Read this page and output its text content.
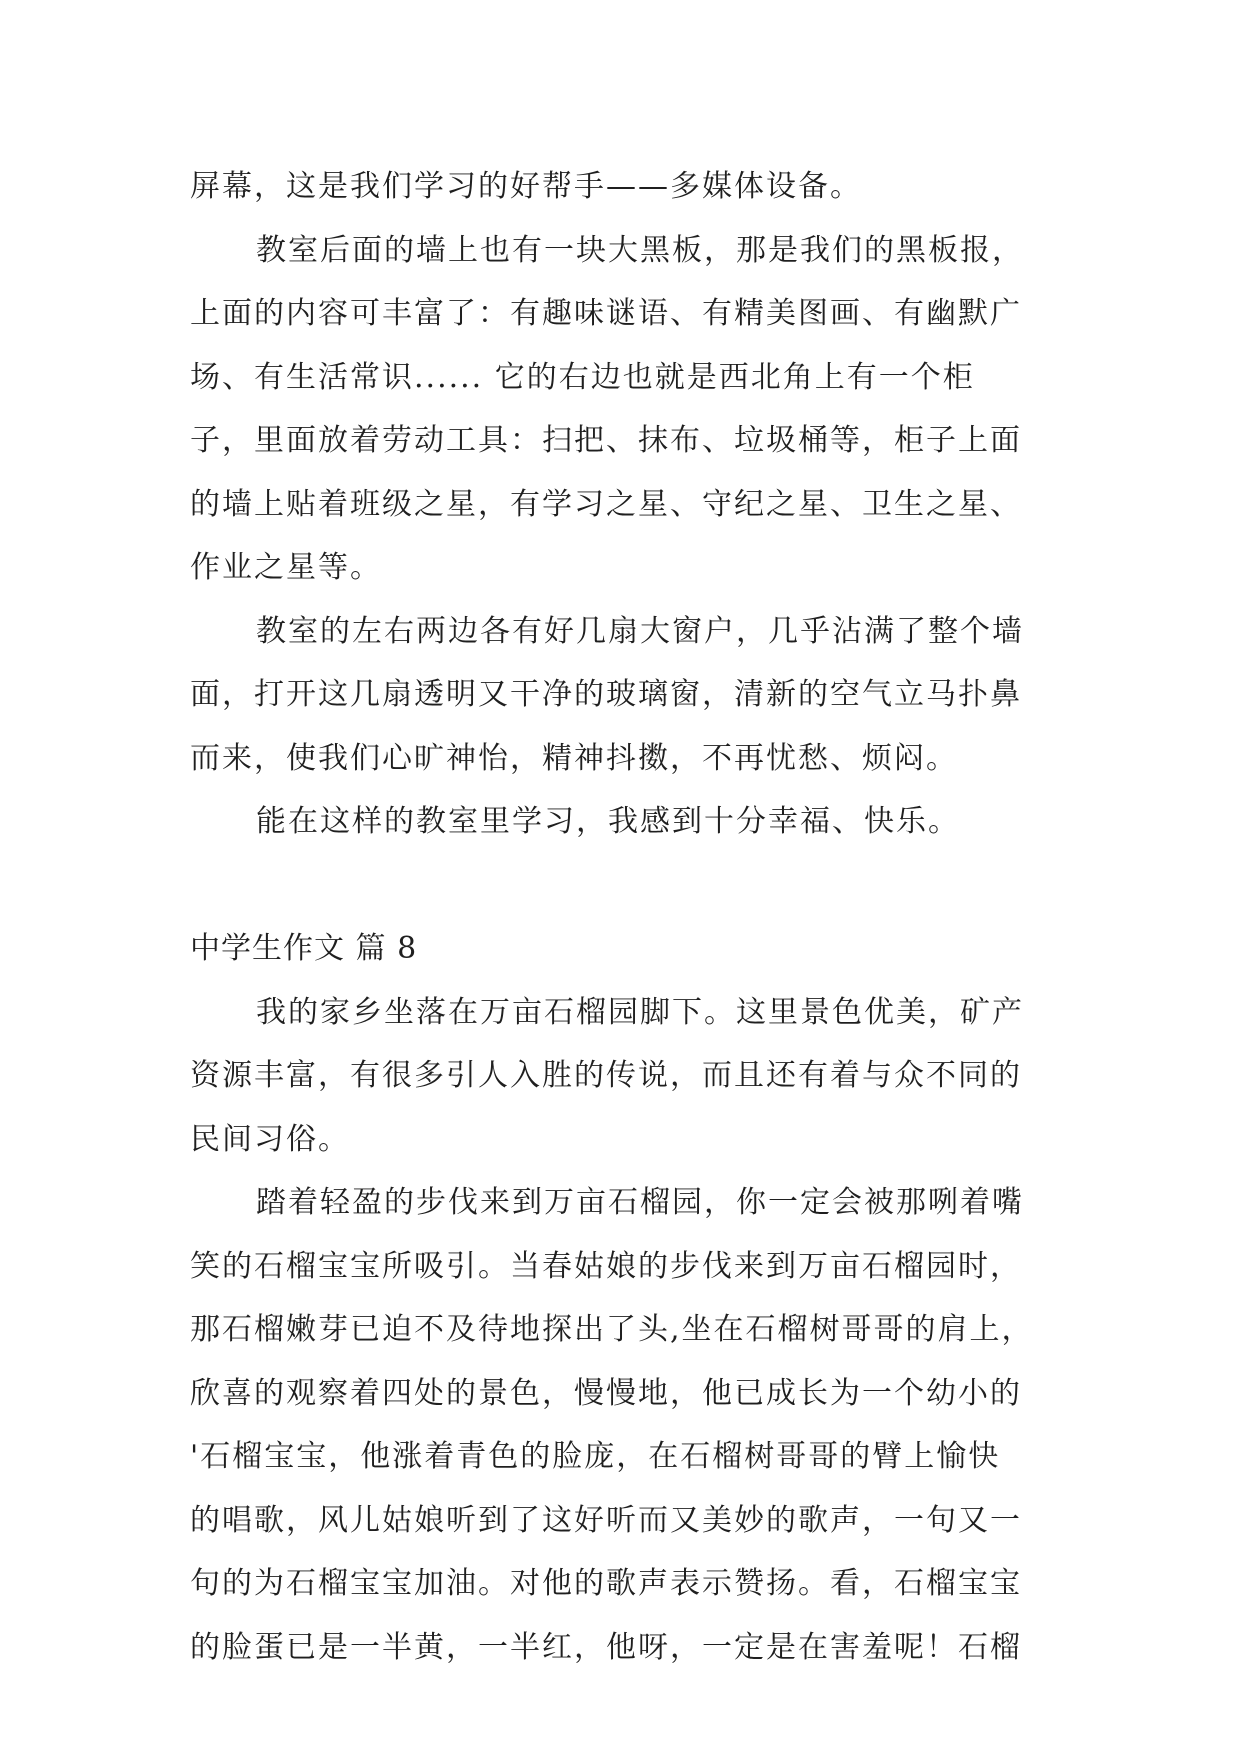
屏幕，这是我们学习的好帮手——多媒体设备。
教室后面的墙上也有一块大黑板，那是我们的黑板报，
上面的内容可丰富了：有趣味谜语、有精美图画、有幽默广
场、有生活常识...... 它的右边也就是西北角上有一个柜
子，里面放着劳动工具：扫把、抹布、垃圾桶等，柜子上面
的墙上贴着班级之星，有学习之星、守纪之星、卫生之星、
作业之星等。
教室的左右两边各有好几扇大窗户，几乎沾满了整个墙
面，打开这几扇透明又干净的玻璃窗，清新的空气立马扑鼻
而来，使我们心旷神怡，精神抖擞，不再忧愁、烦闷。
能在这样的教室里学习，我感到十分幸福、快乐。
中学生作文 篇 8
我的家乡坐落在万亩石榴园脚下。这里景色优美，矿产
资源丰富，有很多引人入胜的传说，而且还有着与众不同的
民间习俗。
踏着轻盈的步伐来到万亩石榴园，你一定会被那咧着嘴
笑的石榴宝宝所吸引。当春姑娘的步伐来到万亩石榴园时，
那石榴嫩芽已迫不及待地探出了头,坐在石榴树哥哥的肩上，
欣喜的观察着四处的景色，慢慢地，他已成长为一个幼小的
'石榴宝宝，他涨着青色的脸庞，在石榴树哥哥的臂上愉快
的唱歌，风儿姑娘听到了这好听而又美妙的歌声，一句又一
句的为石榴宝宝加油。对他的歌声表示赞扬。看，石榴宝宝
的脸蛋已是一半黄，一半红，他呀，一定是在害羞呢！石榴
